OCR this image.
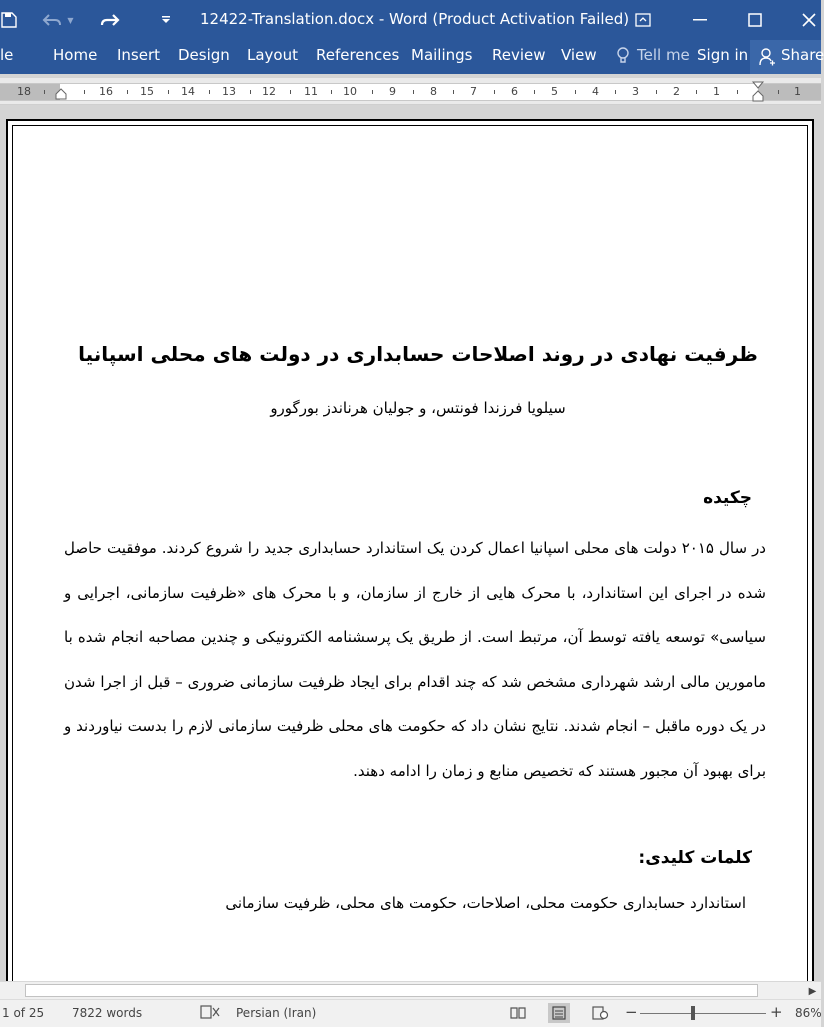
▼	12422-Translation.docx - Word (Product Activation Failed)
le	Home Insert Design Layout References Mailings Review View	Tell me Sign in Share
18	16 15 14 13 12	11 10	9	8	7	6	5	4	3	2	1	1
ظرفیت نهادی در روند اصلاحات حسابداری در دولت های محلی اسپانیا
سیلویا فرزندا فونتس، و جولیان هرناندز بورگورو
چکیده
در سال ۲۰۱۵ دولت های محلی اسپانیا اعمال کردن یک استاندارد حسابداری جدید را شروع کردند. موفقیت حاصل شده در اجرای این استاندارد، با محرک هایی از خارج از سازمان، و با محرک های «ظرفیت سازمانی، اجرایی و سیاسی» توسعه یافته توسط آن، مرتبط است. از طریق یک پرسشنامه الکترونیکی و چندین مصاحبه انجام شده با مامورین مالی ارشد شهرداری مشخص شد که چند اقدام برای ایجاد ظرفیت سازمانی ضروری – قبل از اجرا شدن در یک دوره ماقبل – انجام شدند. نتایج نشان داد که حکومت های محلی ظرفیت سازمانی لازم را بدست نیاوردند و برای بهبود آن مجبور هستند که تخصیص منابع و زمان را ادامه دهند.
کلمات کلیدی:
استاندارد حسابداری حکومت محلی، اصلاحات، حکومت های محلی، ظرفیت سازمانی
▶
1 of 25 7822 words	Persian (Iran)	−	+ 86%
